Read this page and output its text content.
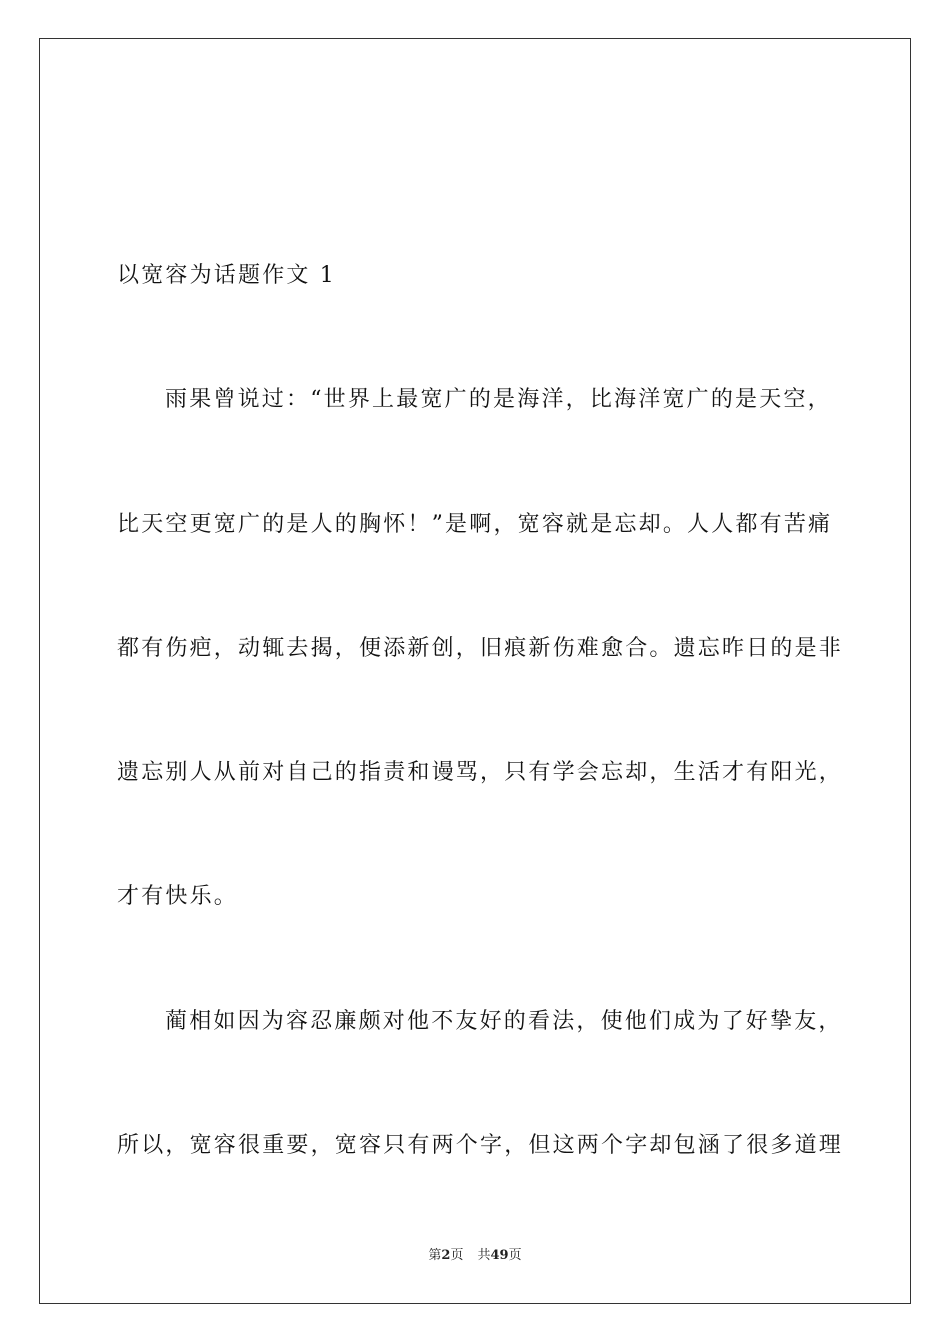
以宽容为话题作文 1
雨果曾说过：“世界上最宽广的是海洋，比海洋宽广的是天空，
比天空更宽广的是人的胸怀！”是啊，宽容就是忘却。人人都有苦痛
都有伤疤，动辄去揭，便添新创，旧痕新伤难愈合。遗忘昨日的是非
遗忘别人从前对自己的指责和谩骂，只有学会忘却，生活才有阳光，
才有快乐。
蔺相如因为容忍廉颇对他不友好的看法，使他们成为了好挚友，
所以，宽容很重要，宽容只有两个字，但这两个字却包涵了很多道理
第2页 共49页
